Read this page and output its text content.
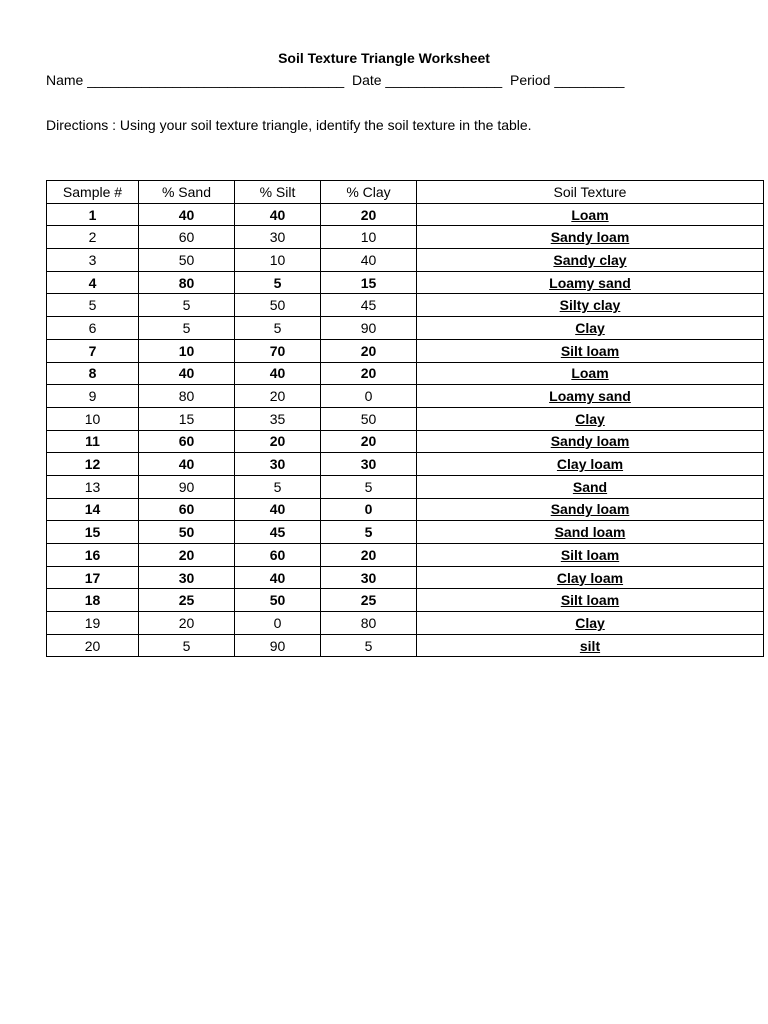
Soil Texture Triangle Worksheet
Name _________________________________  Date _______________  Period _________
Directions : Using your soil texture triangle, identify the soil texture in the table.
Sample #	% Sand	% Silt	% Clay	Soil Texture
1	40	40	20	Loam
2	60	30	10	Sandy loam
3	50	10	40	Sandy clay
4	80	5	15	Loamy sand
5	5	50	45	Silty clay
6	5	5	90	Clay
7	10	70	20	Silt loam
8	40	40	20	Loam
9	80	20	0	Loamy sand
10	15	35	50	Clay
11	60	20	20	Sandy loam
12	40	30	30	Clay loam
13	90	5	5	Sand
14	60	40	0	Sandy loam
15	50	45	5	Sand loam
16	20	60	20	Silt loam
17	30	40	30	Clay loam
18	25	50	25	Silt loam
19	20	0	80	Clay
20	5	90	5	silt
